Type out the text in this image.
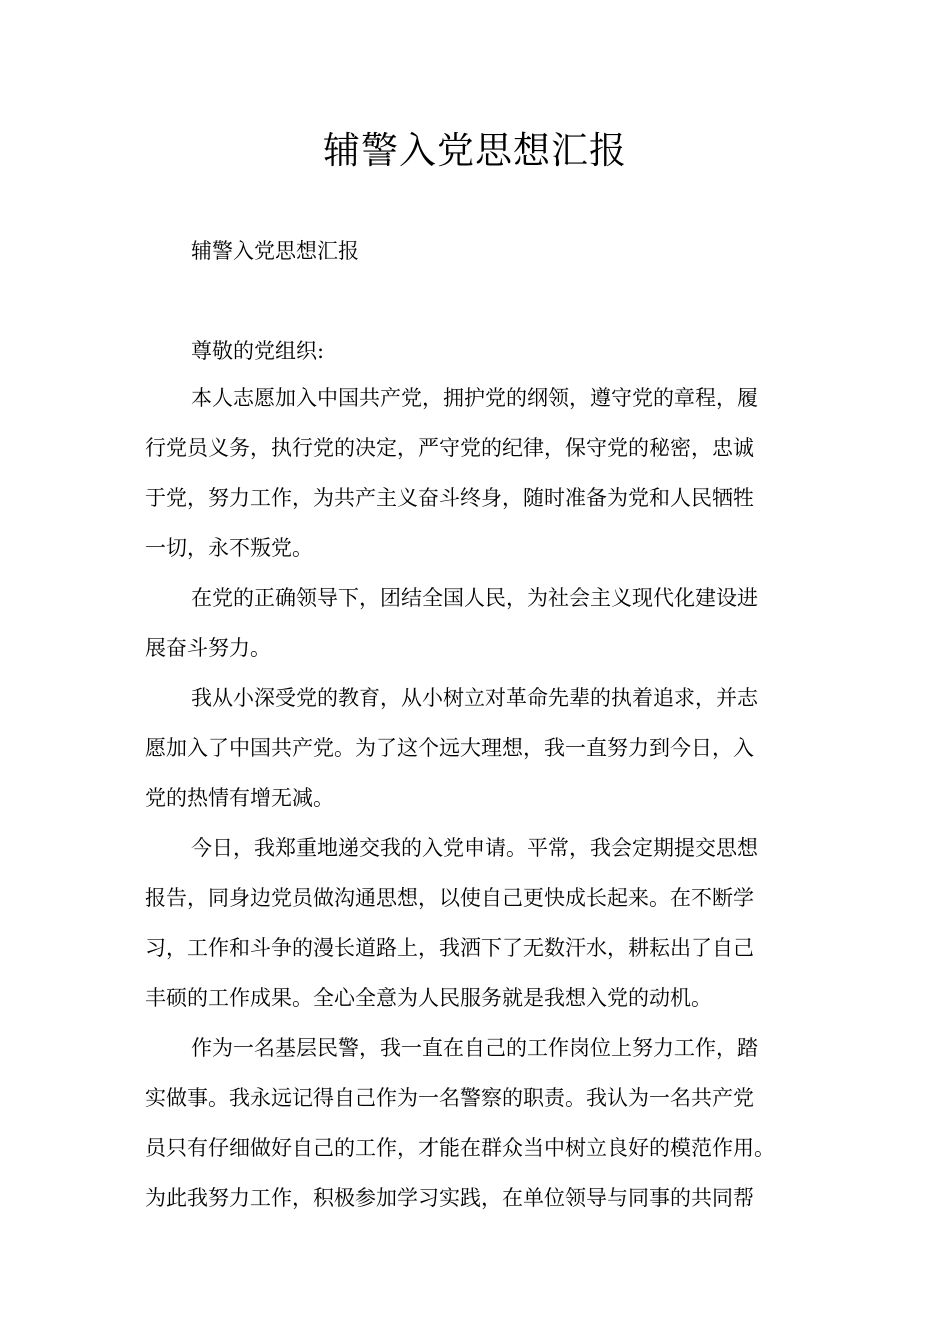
辅警入党思想汇报

辅警入党思想汇报

尊敬的党组织:

本人志愿加入中国共产党，拥护党的纲领，遵守党的章程，履
行党员义务，执行党的决定，严守党的纪律，保守党的秘密，忠诚
于党，努力工作，为共产主义奋斗终身，随时准备为党和人民牺牲
一切，永不叛党。
在党的正确领导下，团结全国人民，为社会主义现代化建设进
展奋斗努力。
我从小深受党的教育，从小树立对革命先辈的执着追求，并志
愿加入了中国共产党。为了这个远大理想，我一直努力到今日，入
党的热情有增无减。
今日，我郑重地递交我的入党申请。平常，我会定期提交思想
报告，同身边党员做沟通思想，以使自己更快成长起来。在不断学
习，工作和斗争的漫长道路上，我洒下了无数汗水，耕耘出了自己
丰硕的工作成果。全心全意为人民服务就是我想入党的动机。
作为一名基层民警，我一直在自己的工作岗位上努力工作，踏
实做事。我永远记得自己作为一名警察的职责。我认为一名共产党
员只有仔细做好自己的工作，才能在群众当中树立良好的模范作用。
为此我努力工作，积极参加学习实践，在单位领导与同事的共同帮
